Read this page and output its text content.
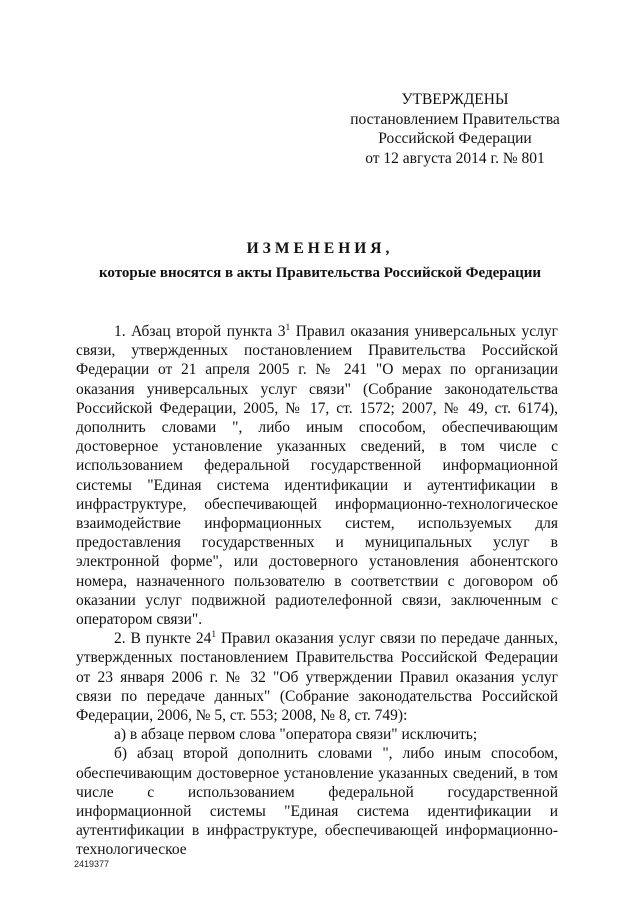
УТВЕРЖДЕНЫ
постановлением Правительства
Российской Федерации
от 12 августа 2014 г. № 801
ИЗМЕНЕНИЯ,
которые вносятся в акты Правительства Российской Федерации

1. Абзац второй пункта $3^1$ Правил оказания универсальных услуг связи, утвержденных постановлением Правительства Российской Федерации от 21 апреля 2005 г. № 241 "О мерах по организации оказания универсальных услуг связи" (Собрание законодательства Российской Федерации, 2005, № 17, ст. 1572; 2007, № 49, ст. 6174), дополнить словами ", либо иным способом, обеспечивающим достоверное установление указанных сведений, в том числе с использованием федеральной государственной информационной системы "Единая система идентификации и аутентификации в инфраструктуре, обеспечивающей информационно-технологическое взаимодействие информационных систем, используемых для предоставления государственных и муниципальных услуг в электронной форме", или достоверного установления абонентского номера, назначенного пользователю в соответствии с договором об оказании услуг подвижной радиотелефонной связи, заключенным с оператором связи".

2. В пункте $24^1$ Правил оказания услуг связи по передаче данных, утвержденных постановлением Правительства Российской Федерации от 23 января 2006 г. № 32 "Об утверждении Правил оказания услуг связи по передаче данных" (Собрание законодательства Российской Федерации, 2006, № 5, ст. 553; 2008, № 8, ст. 749):

а) в абзаце первом слова "оператора связи" исключить;

б) абзац второй дополнить словами ", либо иным способом, обеспечивающим достоверное установление указанных сведений, в том числе с использованием федеральной государственной информационной системы "Единая система идентификации и аутентификации в инфраструктуре, обеспечивающей информационно-технологическое

2419377
